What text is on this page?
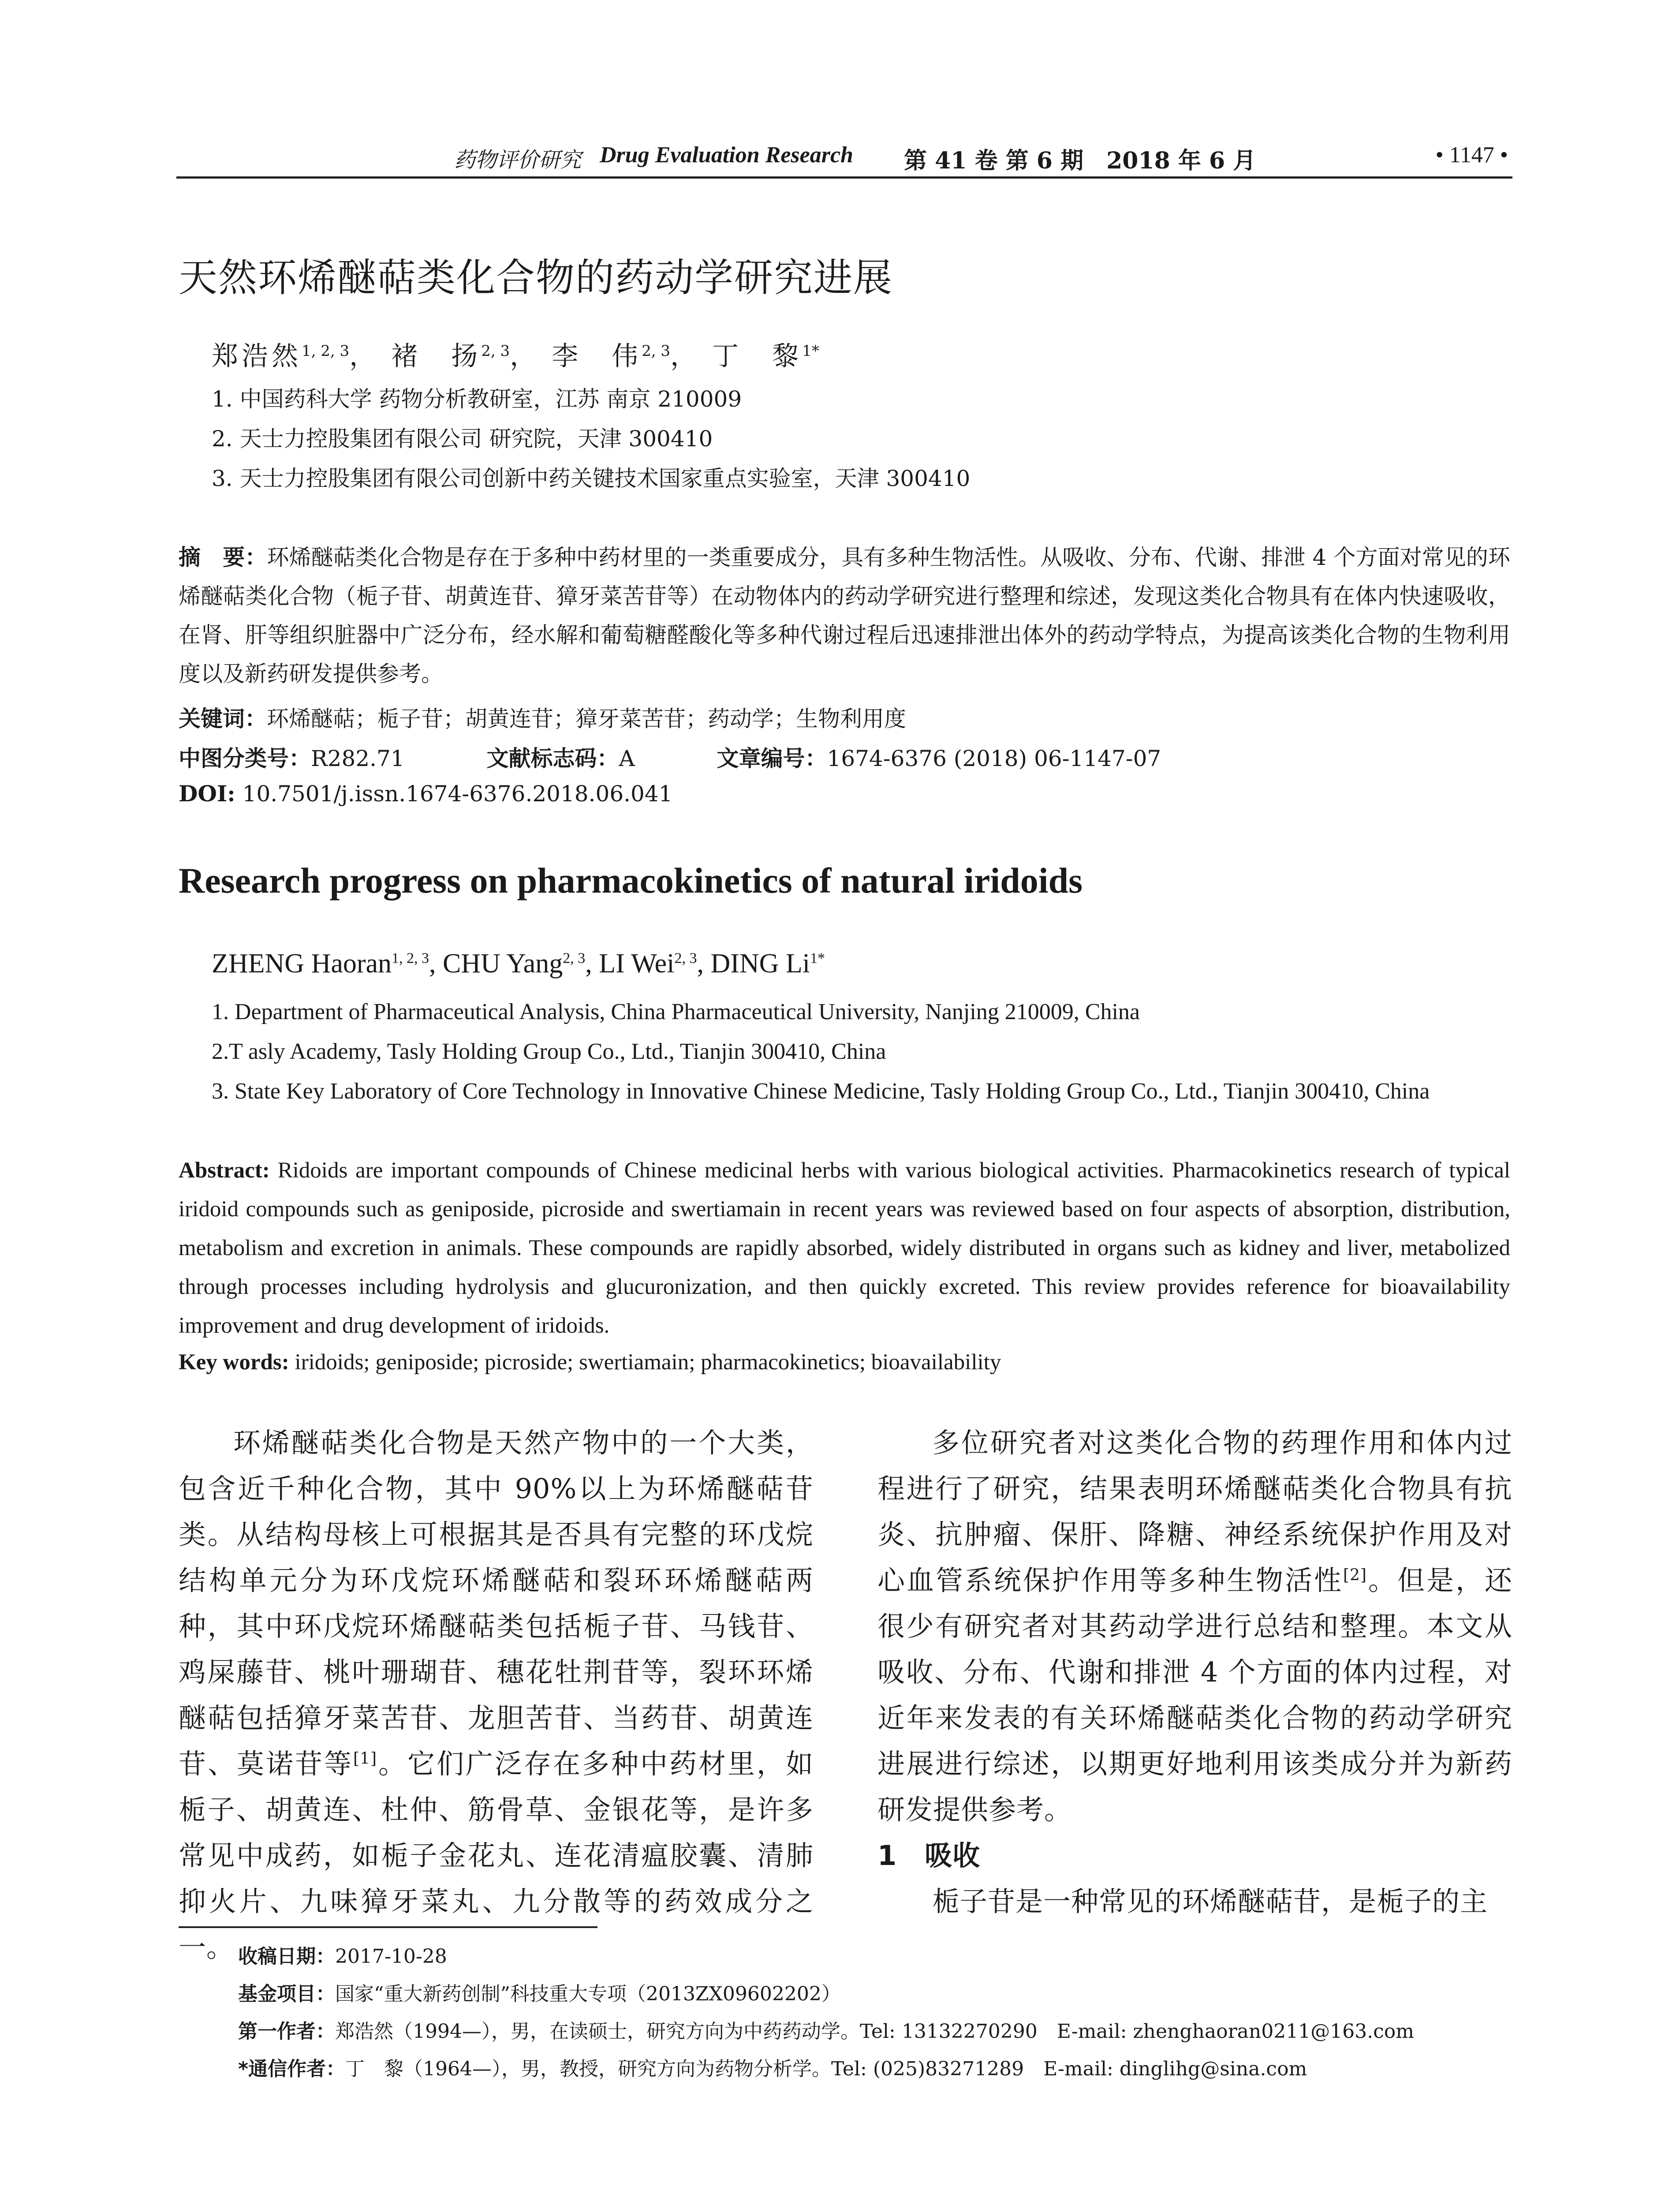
药物评价研究 Drug Evaluation Research 第 41 卷 第 6 期　2018 年 6 月	• 1147 •
天然环烯醚萜类化合物的药动学研究进展
郑浩然$^{1, 2, 3}$， 褚　扬$^{2, 3}$， 李　伟$^{2, 3}$， 丁　黎$^{1*}$
1. 中国药科大学 药物分析教研室，江苏 南京 210009
2. 天士力控股集团有限公司 研究院，天津 300410
3. 天士力控股集团有限公司创新中药关键技术国家重点实验室，天津 300410
摘　要：环烯醚萜类化合物是存在于多种中药材里的一类重要成分，具有多种生物活性。从吸收、分布、代谢、排泄 4 个方面对常见的环烯醚萜类化合物（栀子苷、胡黄连苷、獐牙菜苦苷等）在动物体内的药动学研究进行整理和综述，发现这类化合物具有在体内快速吸收，在肾、肝等组织脏器中广泛分布，经水解和葡萄糖醛酸化等多种代谢过程后迅速排泄出体外的药动学特点，为提高该类化合物的生物利用度以及新药研发提供参考。
关键词：环烯醚萜；栀子苷；胡黄连苷；獐牙菜苦苷；药动学；生物利用度
中图分类号：R282.71	文献标志码：A	文章编号：1674-6376 (2018) 06-1147-07
DOI: 10.7501/j.issn.1674-6376.2018.06.041
Research progress on pharmacokinetics of natural iridoids
ZHENG Haoran$^{1, 2, 3}$, CHU Yang$^{2, 3}$, LI Wei$^{2, 3}$, DING $Li^{1*}$
1. Department of Pharmaceutical Analysis, China Pharmaceutical University, Nanjing 210009, China
2.T asly Academy, Tasly Holding Group Co., Ltd., Tianjin 300410, China
3. State Key Laboratory of Core Technology in Innovative Chinese Medicine, Tasly Holding Group Co., Ltd., Tianjin 300410, China
Abstract: Ridoids are important compounds of Chinese medicinal herbs with various biological activities. Pharmacokinetics research of typical iridoid compounds such as geniposide, picroside and swertiamain in recent years was reviewed based on four aspects of absorption, distribution, metabolism and excretion in animals. These compounds are rapidly absorbed, widely distributed in organs such as kidney and liver, metabolized through processes including hydrolysis and glucuronization, and then quickly excreted. This review provides reference for bioavailability improvement and drug development of iridoids.
Key words: iridoids; geniposide; picroside; swertiamain; pharmacokinetics; bioavailability

环烯醚萜类化合物是天然产物中的一个大类，包含近千种化合物，其中 90%以上为环烯醚萜苷类。从结构母核上可根据其是否具有完整的环戊烷结构单元分为环戊烷环烯醚萜和裂环环烯醚萜两种，其中环戊烷环烯醚萜类包括栀子苷、马钱苷、鸡屎藤苷、桃叶珊瑚苷、穗花牡荆苷等，裂环环烯醚萜包括獐牙菜苦苷、龙胆苦苷、当药苷、胡黄连苷、莫诺苷等[1]。它们广泛存在多种中药材里，如栀子、胡黄连、杜仲、筋骨草、金银花等，是许多常见中成药，如栀子金花丸、连花清瘟胶囊、清肺抑火片、九味獐牙菜丸、九分散等的药效成分之一。

多位研究者对这类化合物的药理作用和体内过程进行了研究，结果表明环烯醚萜类化合物具有抗炎、抗肿瘤、保肝、降糖、神经系统保护作用及对心血管系统保护作用等多种生物活性[2]。但是，还很少有研究者对其药动学进行总结和整理。本文从吸收、分布、代谢和排泄 4 个方面的体内过程，对近年来发表的有关环烯醚萜类化合物的药动学研究进展进行综述，以期更好地利用该类成分并为新药研发提供参考。

1　吸收

栀子苷是一种常见的环烯醚萜苷，是栀子的主

收稿日期：2017-10-28
基金项目：国家“重大新药创制”科技重大专项（2013ZX09602202）
第一作者：郑浩然（1994—），男，在读硕士，研究方向为中药药动学。Tel: 13132270290　E-mail: zhenghaoran0211@163.com
*通信作者：丁　黎（1964—），男，教授，研究方向为药物分析学。Tel: (025)83271289　E-mail: dinglihg@sina.com
